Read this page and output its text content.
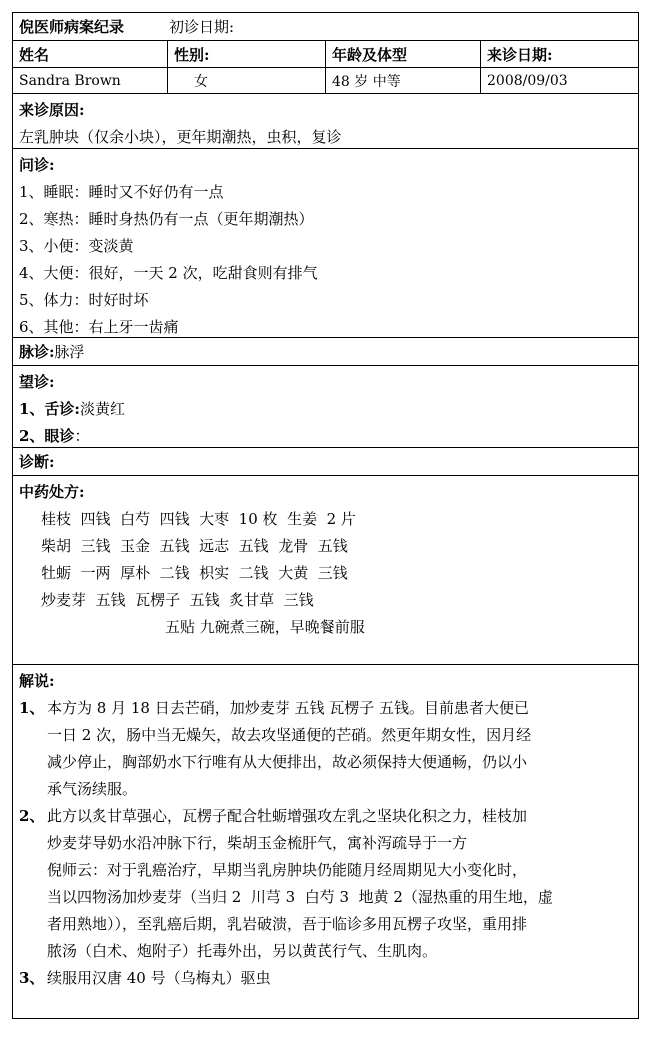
倪医师病案纪录	初诊日期:
姓名	性别:	年龄及体型	来诊日期:
Sandra Brown	女	48 岁 中等	2008/09/03
来诊原因:
左乳肿块（仅余小块），更年期潮热，虫积，复诊
问诊:
1、睡眠：睡时又不好仍有一点
2、寒热：睡时身热仍有一点（更年期潮热）
3、小便：变淡黄
4、大便：很好，一天 2 次，吃甜食则有排气
5、体力：时好时坏
6、其他：右上牙一齿痛
脉诊:脉浮
望诊:
1、舌诊:淡黄红
2、眼诊：
诊断:
中药处方:
桂枝  四钱  白芍  四钱  大枣  10 枚  生姜  2 片
柴胡  三钱  玉金  五钱  远志  五钱  龙骨  五钱
牡蛎  一两  厚朴  二钱  枳实  二钱  大黄  三钱
炒麦芽  五钱  瓦楞子  五钱  炙甘草  三钱
五贴 九碗煮三碗，早晚餐前服
解说:
1、 本方为 8 月 18 日去芒硝，加炒麦芽 五钱 瓦楞子 五钱。目前患者大便已
一日 2 次，肠中当无燥矢，故去攻坚通便的芒硝。然更年期女性，因月经
减少停止，胸部奶水下行唯有从大便排出，故必须保持大便通畅，仍以小
承气汤续服。
2、 此方以炙甘草强心，瓦楞子配合牡蛎增强攻左乳之坚块化积之力，桂枝加
炒麦芽导奶水沿冲脉下行，柴胡玉金梳肝气，寓补泻疏导于一方
倪师云：对于乳癌治疗，早期当乳房肿块仍能随月经周期见大小变化时，
当以四物汤加炒麦芽（当归 2  川芎 3  白芍 3  地黄 2（湿热重的用生地，虚
者用熟地）），至乳癌后期，乳岩破溃，吾于临诊多用瓦楞子攻坚，重用排
脓汤（白术、炮附子）托毒外出，另以黄芪行气、生肌肉。
3、 续服用汉唐 40 号（乌梅丸）驱虫
